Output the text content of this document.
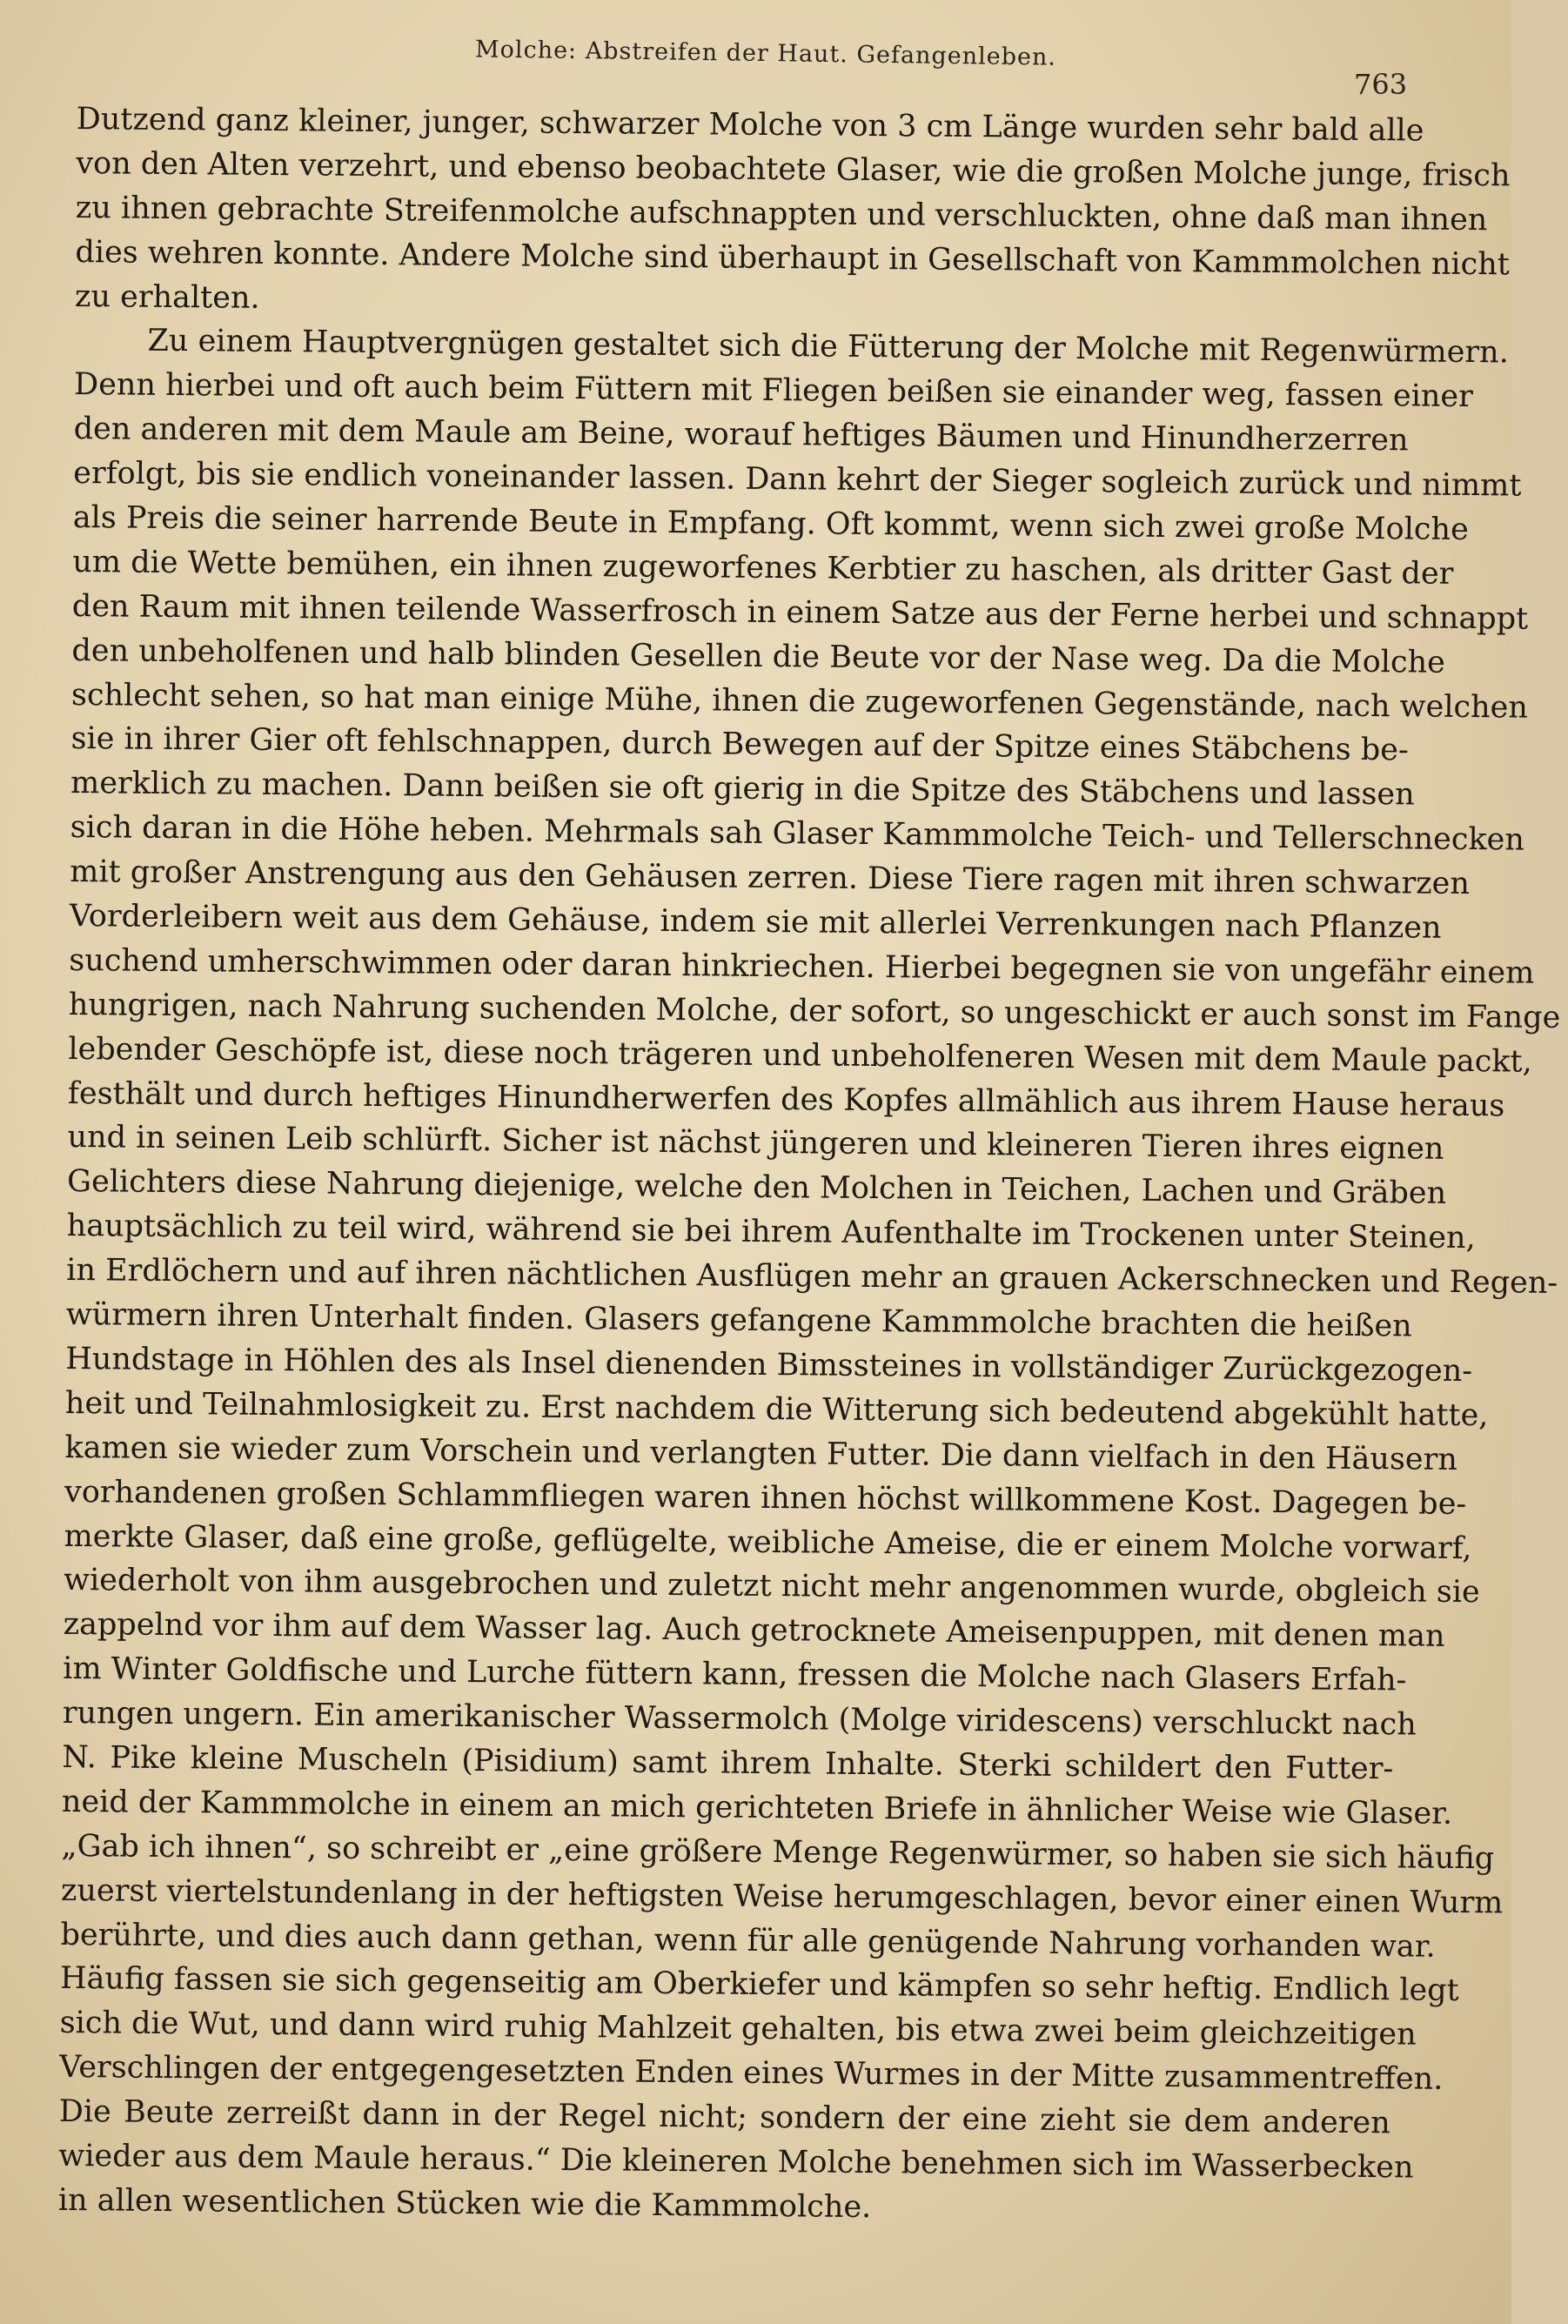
Molche: Abstreifen der Haut. Gefangenleben.
763
Dutzend ganz kleiner, junger, schwarzer Molche von 3 cm Länge wurden sehr bald alle
von den Alten verzehrt, und ebenso beobachtete Glaser, wie die großen Molche junge, frisch
zu ihnen gebrachte Streifenmolche aufschnappten und verschluckten, ohne daß man ihnen
dies wehren konnte. Andere Molche sind überhaupt in Gesellschaft von Kammmolchen nicht
zu erhalten.
Zu einem Hauptvergnügen gestaltet sich die Fütterung der Molche mit Regenwürmern.
Denn hierbei und oft auch beim Füttern mit Fliegen beißen sie einander weg, fassen einer
den anderen mit dem Maule am Beine, worauf heftiges Bäumen und Hinundherzerren
erfolgt, bis sie endlich voneinander lassen. Dann kehrt der Sieger sogleich zurück und nimmt
als Preis die seiner harrende Beute in Empfang. Oft kommt, wenn sich zwei große Molche
um die Wette bemühen, ein ihnen zugeworfenes Kerbtier zu haschen, als dritter Gast der
den Raum mit ihnen teilende Wasserfrosch in einem Satze aus der Ferne herbei und schnappt
den unbeholfenen und halb blinden Gesellen die Beute vor der Nase weg. Da die Molche
schlecht sehen, so hat man einige Mühe, ihnen die zugeworfenen Gegenstände, nach welchen
sie in ihrer Gier oft fehlschnappen, durch Bewegen auf der Spitze eines Stäbchens be-
merklich zu machen. Dann beißen sie oft gierig in die Spitze des Stäbchens und lassen
sich daran in die Höhe heben. Mehrmals sah Glaser Kammmolche Teich- und Tellerschnecken
mit großer Anstrengung aus den Gehäusen zerren. Diese Tiere ragen mit ihren schwarzen
Vorderleibern weit aus dem Gehäuse, indem sie mit allerlei Verrenkungen nach Pflanzen
suchend umherschwimmen oder daran hinkriechen. Hierbei begegnen sie von ungefähr einem
hungrigen, nach Nahrung suchenden Molche, der sofort, so ungeschickt er auch sonst im Fange
lebender Geschöpfe ist, diese noch trägeren und unbeholfeneren Wesen mit dem Maule packt,
festhält und durch heftiges Hinundherwerfen des Kopfes allmählich aus ihrem Hause heraus
und in seinen Leib schlürft. Sicher ist nächst jüngeren und kleineren Tieren ihres eignen
Gelichters diese Nahrung diejenige, welche den Molchen in Teichen, Lachen und Gräben
hauptsächlich zu teil wird, während sie bei ihrem Aufenthalte im Trockenen unter Steinen,
in Erdlöchern und auf ihren nächtlichen Ausflügen mehr an grauen Ackerschnecken und Regen-
würmern ihren Unterhalt finden. Glasers gefangene Kammmolche brachten die heißen
Hundstage in Höhlen des als Insel dienenden Bimssteines in vollständiger Zurückgezogen-
heit und Teilnahmlosigkeit zu. Erst nachdem die Witterung sich bedeutend abgekühlt hatte,
kamen sie wieder zum Vorschein und verlangten Futter. Die dann vielfach in den Häusern
vorhandenen großen Schlammfliegen waren ihnen höchst willkommene Kost. Dagegen be-
merkte Glaser, daß eine große, geflügelte, weibliche Ameise, die er einem Molche vorwarf,
wiederholt von ihm ausgebrochen und zuletzt nicht mehr angenommen wurde, obgleich sie
zappelnd vor ihm auf dem Wasser lag. Auch getrocknete Ameisenpuppen, mit denen man
im Winter Goldfische und Lurche füttern kann, fressen die Molche nach Glasers Erfah-
rungen ungern. Ein amerikanischer Wassermolch (Molge viridescens) verschluckt nach
N. Pike kleine Muscheln (Pisidium) samt ihrem Inhalte. Sterki schildert den Futter-
neid der Kammmolche in einem an mich gerichteten Briefe in ähnlicher Weise wie Glaser.
„Gab ich ihnen“, so schreibt er „eine größere Menge Regenwürmer, so haben sie sich häufig
zuerst viertelstundenlang in der heftigsten Weise herumgeschlagen, bevor einer einen Wurm
berührte, und dies auch dann gethan, wenn für alle genügende Nahrung vorhanden war.
Häufig fassen sie sich gegenseitig am Oberkiefer und kämpfen so sehr heftig. Endlich legt
sich die Wut, und dann wird ruhig Mahlzeit gehalten, bis etwa zwei beim gleichzeitigen
Verschlingen der entgegengesetzten Enden eines Wurmes in der Mitte zusammentreffen.
Die Beute zerreißt dann in der Regel nicht; sondern der eine zieht sie dem anderen
wieder aus dem Maule heraus.“ Die kleineren Molche benehmen sich im Wasserbecken
in allen wesentlichen Stücken wie die Kammmolche.
